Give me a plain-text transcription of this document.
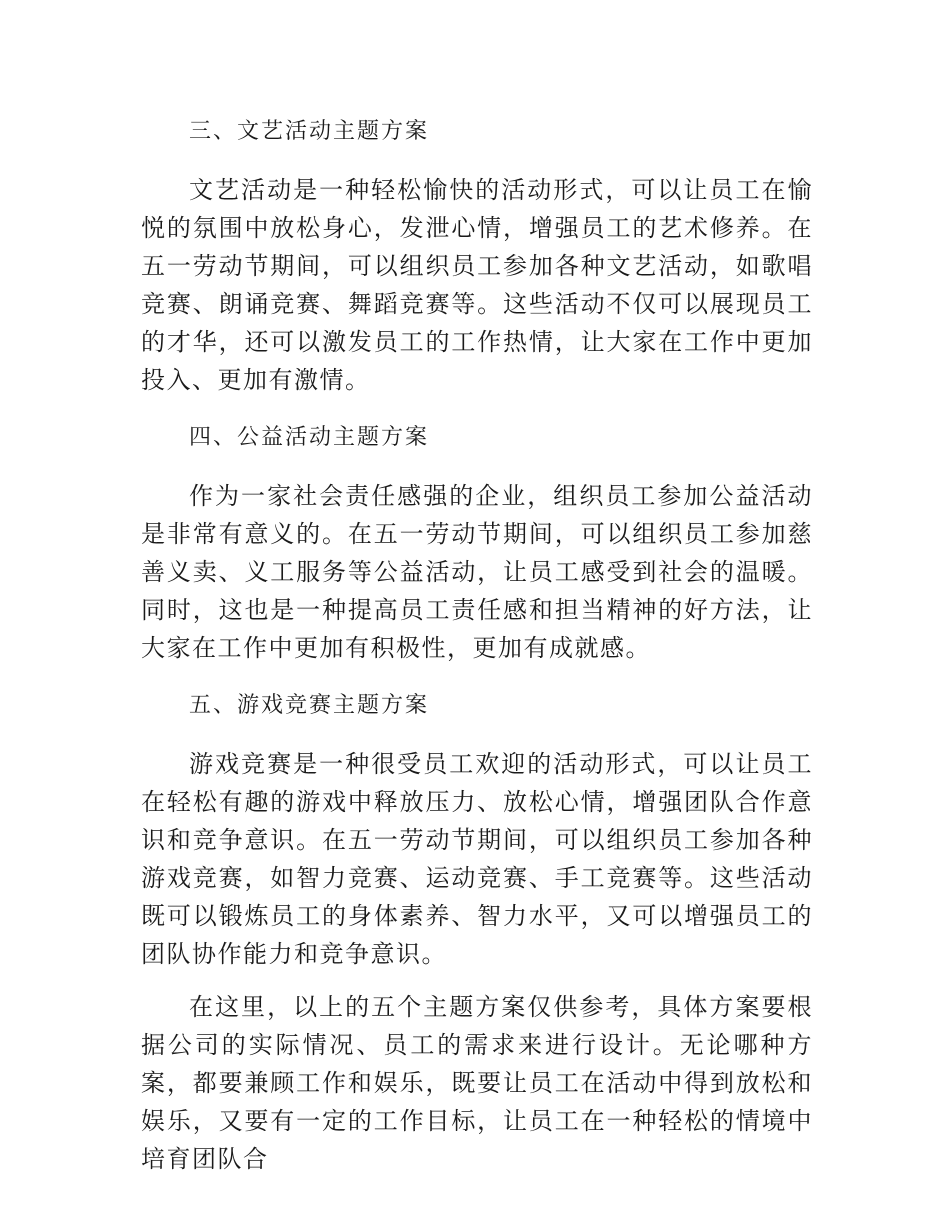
三、文艺活动主题方案

文艺活动是一种轻松愉快的活动形式，可以让员工在愉悦的氛围中放松身心，发泄心情，增强员工的艺术修养。在五一劳动节期间，可以组织员工参加各种文艺活动，如歌唱竞赛、朗诵竞赛、舞蹈竞赛等。这些活动不仅可以展现员工的才华，还可以激发员工的工作热情，让大家在工作中更加投入、更加有激情。

四、公益活动主题方案

作为一家社会责任感强的企业，组织员工参加公益活动是非常有意义的。在五一劳动节期间，可以组织员工参加慈善义卖、义工服务等公益活动，让员工感受到社会的温暖。同时，这也是一种提高员工责任感和担当精神的好方法，让大家在工作中更加有积极性，更加有成就感。

五、游戏竞赛主题方案

游戏竞赛是一种很受员工欢迎的活动形式，可以让员工在轻松有趣的游戏中释放压力、放松心情，增强团队合作意识和竞争意识。在五一劳动节期间，可以组织员工参加各种游戏竞赛，如智力竞赛、运动竞赛、手工竞赛等。这些活动既可以锻炼员工的身体素养、智力水平，又可以增强员工的团队协作能力和竞争意识。

在这里，以上的五个主题方案仅供参考，具体方案要根据公司的实际情况、员工的需求来进行设计。无论哪种方案，都要兼顾工作和娱乐，既要让员工在活动中得到放松和娱乐，又要有一定的工作目标，让员工在一种轻松的情境中培育团队合
